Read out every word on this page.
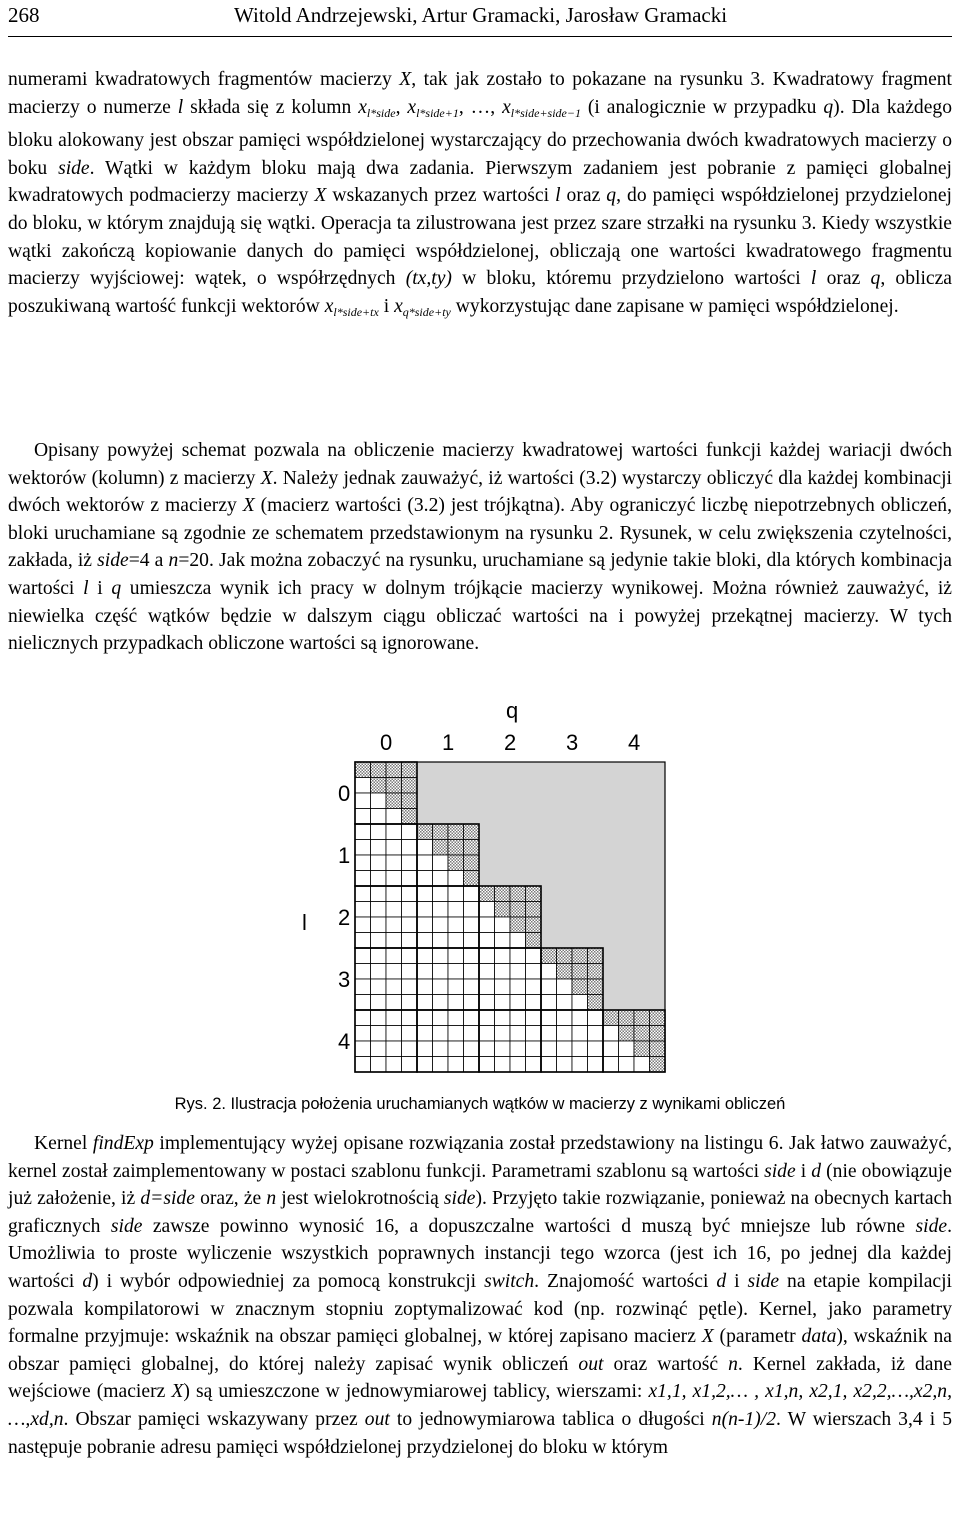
268	Witold Andrzejewski, Artur Gramacki, Jarosław Gramacki

numerami kwadratowych fragmentów macierzy X, tak jak zostało to pokazane na rysunku 3. Kwadratowy fragment macierzy o numerze l składa się z kolumn $x_{l*side}$, $x_{l*side+1}$, …, $x_{l*side+side-1}$ (i analogicznie w przypadku q). Dla każdego bloku alokowany jest obszar pamięci współdzielonej wystarczający do przechowania dwóch kwadratowych macierzy o boku side. Wątki w każdym bloku mają dwa zadania. Pierwszym zadaniem jest pobranie z pamięci globalnej kwadratowych podmacierzy macierzy X wskazanych przez wartości l oraz q, do pamięci współdzielonej przydzielonej do bloku, w którym znajdują się wątki. Operacja ta zilustrowana jest przez szare strzałki na rysunku 3. Kiedy wszystkie wątki zakończą kopiowanie danych do pamięci współdzielonej, obliczają one wartości kwadratowego fragmentu macierzy wyjściowej: wątek, o współrzędnych (tx,ty) w bloku, któremu przydzielono wartości l oraz q, oblicza poszukiwaną wartość funkcji wektorów $x_{l*side+tx}$ i $x_{q*side+ty}$ wykorzystując dane zapisane w pamięci współdzielonej.

Opisany powyżej schemat pozwala na obliczenie macierzy kwadratowej wartości funkcji każdej wariacji dwóch wektorów (kolumn) z macierzy X. Należy jednak zauważyć, iż wartości (3.2) wystarczy obliczyć dla każdej kombinacji dwóch wektorów z macierzy X (macierz wartości (3.2) jest trójkątna). Aby ograniczyć liczbę niepotrzebnych obliczeń, bloki uruchamiane są zgodnie ze schematem przedstawionym na rysunku 2. Rysunek, w celu zwiększenia czytelności, zakłada, iż side=4 a n=20. Jak można zobaczyć na rysunku, uruchamiane są jedynie takie bloki, dla których kombinacja wartości l i q umieszcza wynik ich pracy w dolnym trójkącie macierzy wynikowej. Można również zauważyć, iż niewielka część wątków będzie w dalszym ciągu obliczać wartości na i powyżej przekątnej macierzy. W tych nielicznych przypadkach obliczone wartości są ignorowane.

q
l
0 1 2 3 4
0
1
2
3
4
Rys. 2. Ilustracja położenia uruchamianych wątków w macierzy z wynikami obliczeń

Kernel findExp implementujący wyżej opisane rozwiązania został przedstawiony na listingu 6. Jak łatwo zauważyć, kernel został zaimplementowany w postaci szablonu funkcji. Parametrami szablonu są wartości side i d (nie obowiązuje już założenie, iż d=side oraz, że n jest wielokrotnością side). Przyjęto takie rozwiązanie, ponieważ na obecnych kartach graficznych side zawsze powinno wynosić 16, a dopuszczalne wartości d muszą być mniejsze lub równe side. Umożliwia to proste wyliczenie wszystkich poprawnych instancji tego wzorca (jest ich 16, po jednej dla każdej wartości d) i wybór odpowiedniej za pomocą konstrukcji switch. Znajomość wartości d i side na etapie kompilacji pozwala kompilatorowi w znacznym stopniu zoptymalizować kod (np. rozwinąć pętle). Kernel, jako parametry formalne przyjmuje: wskaźnik na obszar pamięci globalnej, w której zapisano macierz X (parametr data), wskaźnik na obszar pamięci globalnej, do której należy zapisać wynik obliczeń out oraz wartość n. Kernel zakłada, iż dane wejściowe (macierz X) są umieszczone w jednowymiarowej tablicy, wierszami: x1,1, x1,2,… , x1,n, x2,1, x2,2,…,x2,n, …,xd,n. Obszar pamięci wskazywany przez out to jednowymiarowa tablica o długości n(n-1)/2. W wierszach 3,4 i 5 następuje pobranie adresu pamięci współdzielonej przydzielonej do bloku w którym
